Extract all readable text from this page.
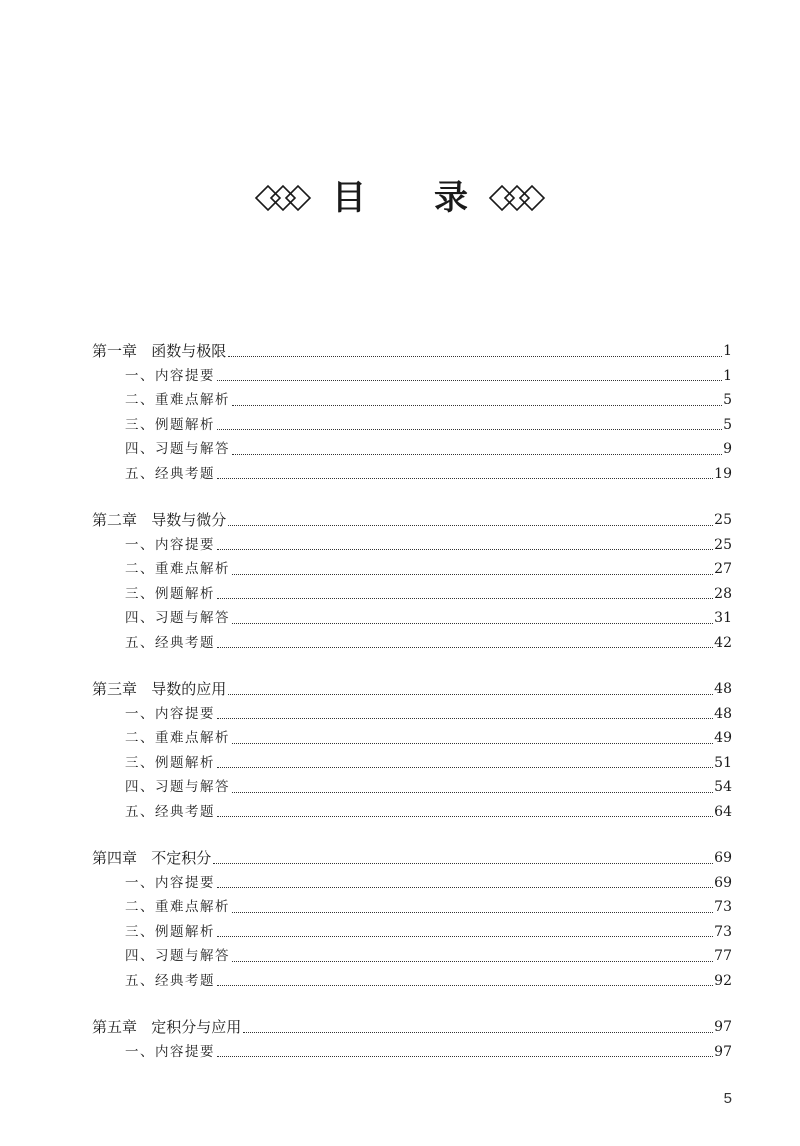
目 录
第一章   函数与极限	1
一、内容提要	1
二、重难点解析	5
三、例题解析	5
四、习题与解答	9
五、经典考题	19
第二章   导数与微分	25
一、内容提要	25
二、重难点解析	27
三、例题解析	28
四、习题与解答	31
五、经典考题	42
第三章   导数的应用	48
一、内容提要	48
二、重难点解析	49
三、例题解析	51
四、习题与解答	54
五、经典考题	64
第四章   不定积分	69
一、内容提要	69
二、重难点解析	73
三、例题解析	73
四、习题与解答	77
五、经典考题	92
第五章   定积分与应用	97
一、内容提要	97
5
